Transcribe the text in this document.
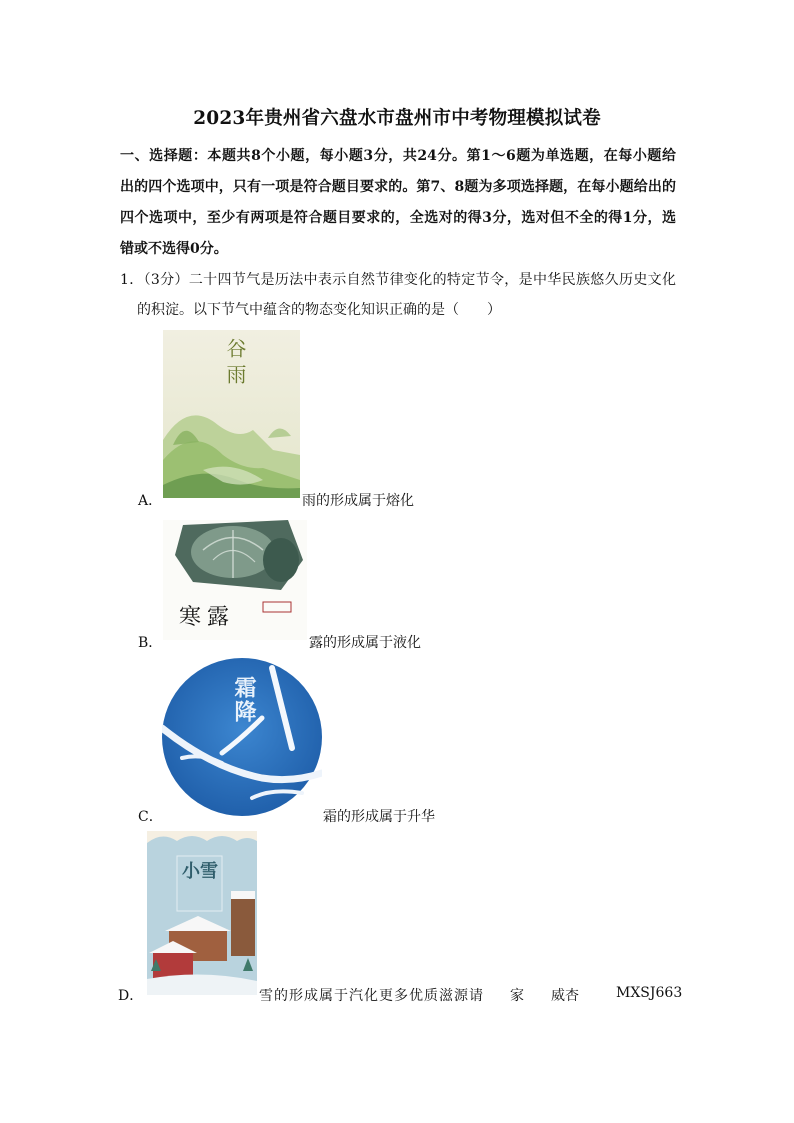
2023年贵州省六盘水市盘州市中考物理模拟试卷
一、选择题：本题共8个小题，每小题3分，共24分。第1～6题为单选题，在每小题给
出的四个选项中，只有一项是符合题目要求的。第7、8题为多项选择题，在每小题给出的
四个选项中，至少有两项是符合题目要求的，全选对的得3分，选对但不全的得1分，选
错或不选得0分。
1．（3分）二十四节气是历法中表示自然节律变化的特定节令，是中华民族悠久历史文化
的积淀。以下节气中蕴含的物态变化知识正确的是（　　）
谷雨
A．	雨的形成属于熔化
寒露
B．	露的形成属于液化
霜降
C．	霜的形成属于升华
小雪
D．	雪的形成属于汽化更多优质滋源请 家 威杏	MXSJ663
